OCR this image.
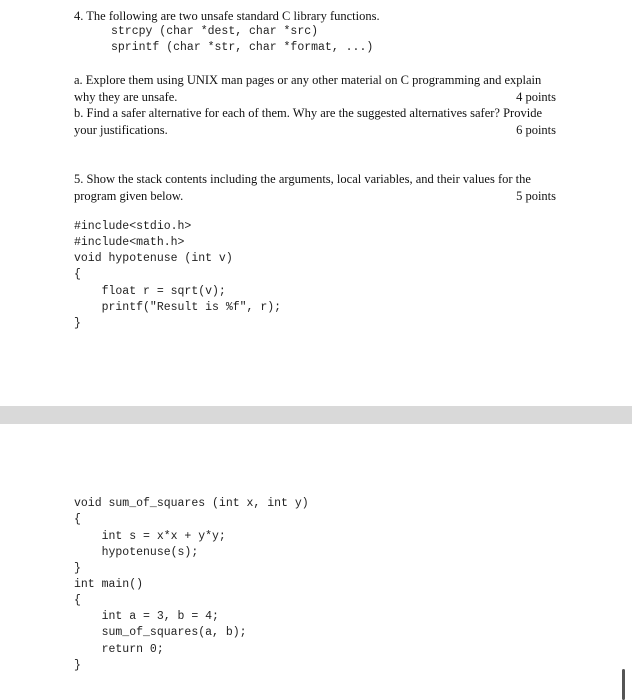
4. The following are two unsafe standard C library functions.
strcpy (char *dest, char *src)
sprintf (char *str, char *format, ...)
a. Explore them using UNIX man pages or any other material on C programming and explain
why they are unsafe.	4 points
b. Find a safer alternative for each of them. Why are the suggested alternatives safer? Provide
your justifications.	6 points
5. Show the stack contents including the arguments, local variables, and their values for the
program given below.	5 points
#include<stdio.h>
#include<math.h>
void hypotenuse (int v)
{
float r = sqrt(v);
printf("Result is %f", r);
}
void sum_of_squares (int x, int y)
{
int s = x*x + y*y;
hypotenuse(s);
}
int main()
{
int a = 3, b = 4;
sum_of_squares(a, b);
return 0;
}
